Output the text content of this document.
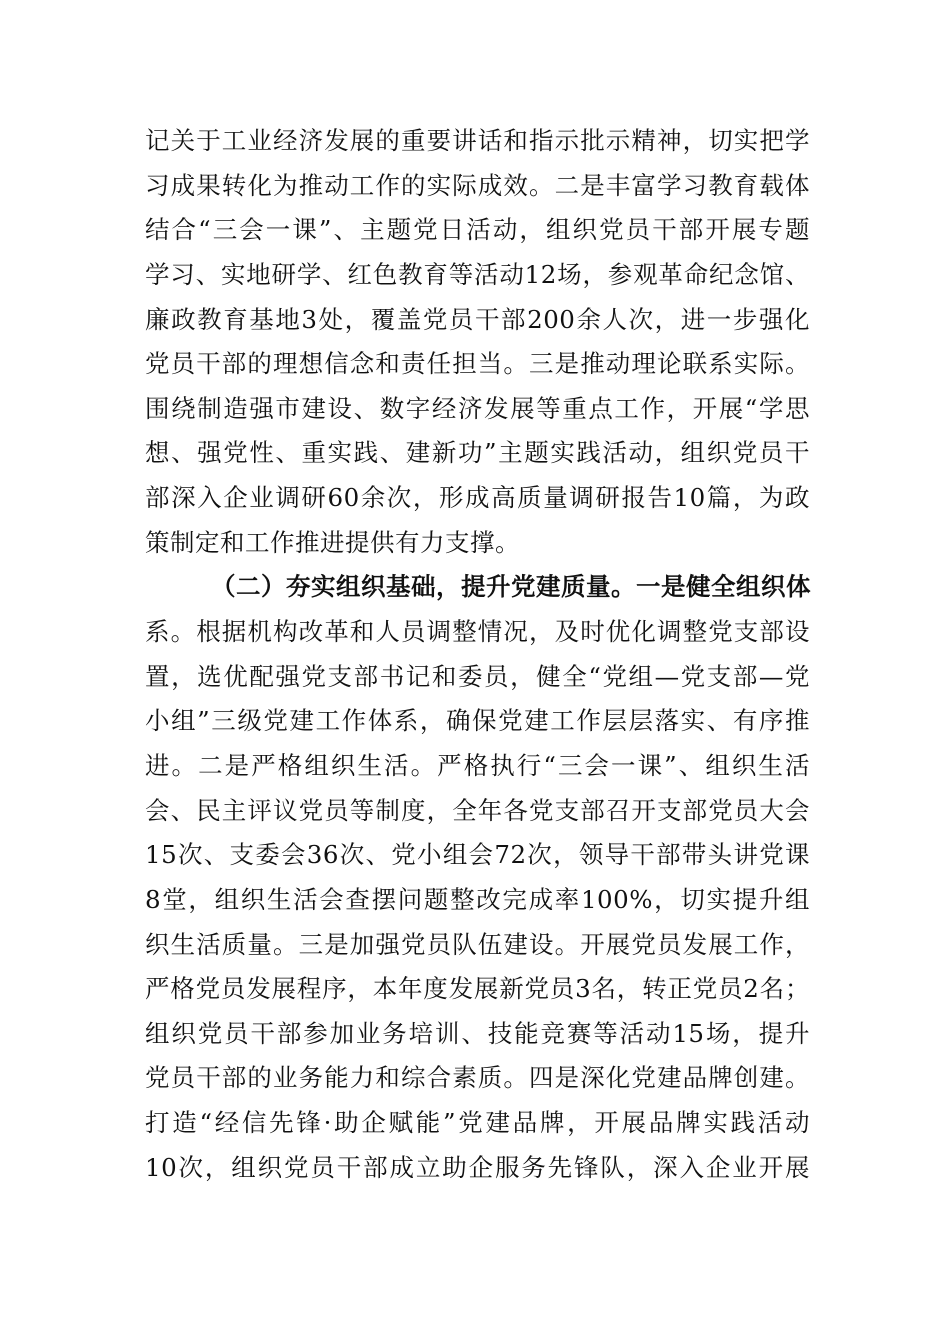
记关于工业经济发展的重要讲话和指示批示精神，切实把学
习成果转化为推动工作的实际成效。二是丰富学习教育载体
结合“三会一课”、主题党日活动，组织党员干部开展专题
学习、实地研学、红色教育等活动12场，参观革命纪念馆、
廉政教育基地3处，覆盖党员干部200余人次，进一步强化
党员干部的理想信念和责任担当。三是推动理论联系实际。
围绕制造强市建设、数字经济发展等重点工作，开展“学思
想、强党性、重实践、建新功”主题实践活动，组织党员干
部深入企业调研60余次，形成高质量调研报告10篇，为政
策制定和工作推进提供有力支撑。
（二）夯实组织基础，提升党建质量。一是健全组织体
系。根据机构改革和人员调整情况，及时优化调整党支部设
置，选优配强党支部书记和委员，健全“党组—党支部—党
小组”三级党建工作体系，确保党建工作层层落实、有序推
进。二是严格组织生活。严格执行“三会一课”、组织生活
会、民主评议党员等制度，全年各党支部召开支部党员大会
15次、支委会36次、党小组会72次，领导干部带头讲党课
8堂，组织生活会查摆问题整改完成率100%，切实提升组
织生活质量。三是加强党员队伍建设。开展党员发展工作，
严格党员发展程序，本年度发展新党员3名，转正党员2名；
组织党员干部参加业务培训、技能竞赛等活动15场，提升
党员干部的业务能力和综合素质。四是深化党建品牌创建。
打造“经信先锋·助企赋能”党建品牌，开展品牌实践活动
10次，组织党员干部成立助企服务先锋队，深入企业开展
